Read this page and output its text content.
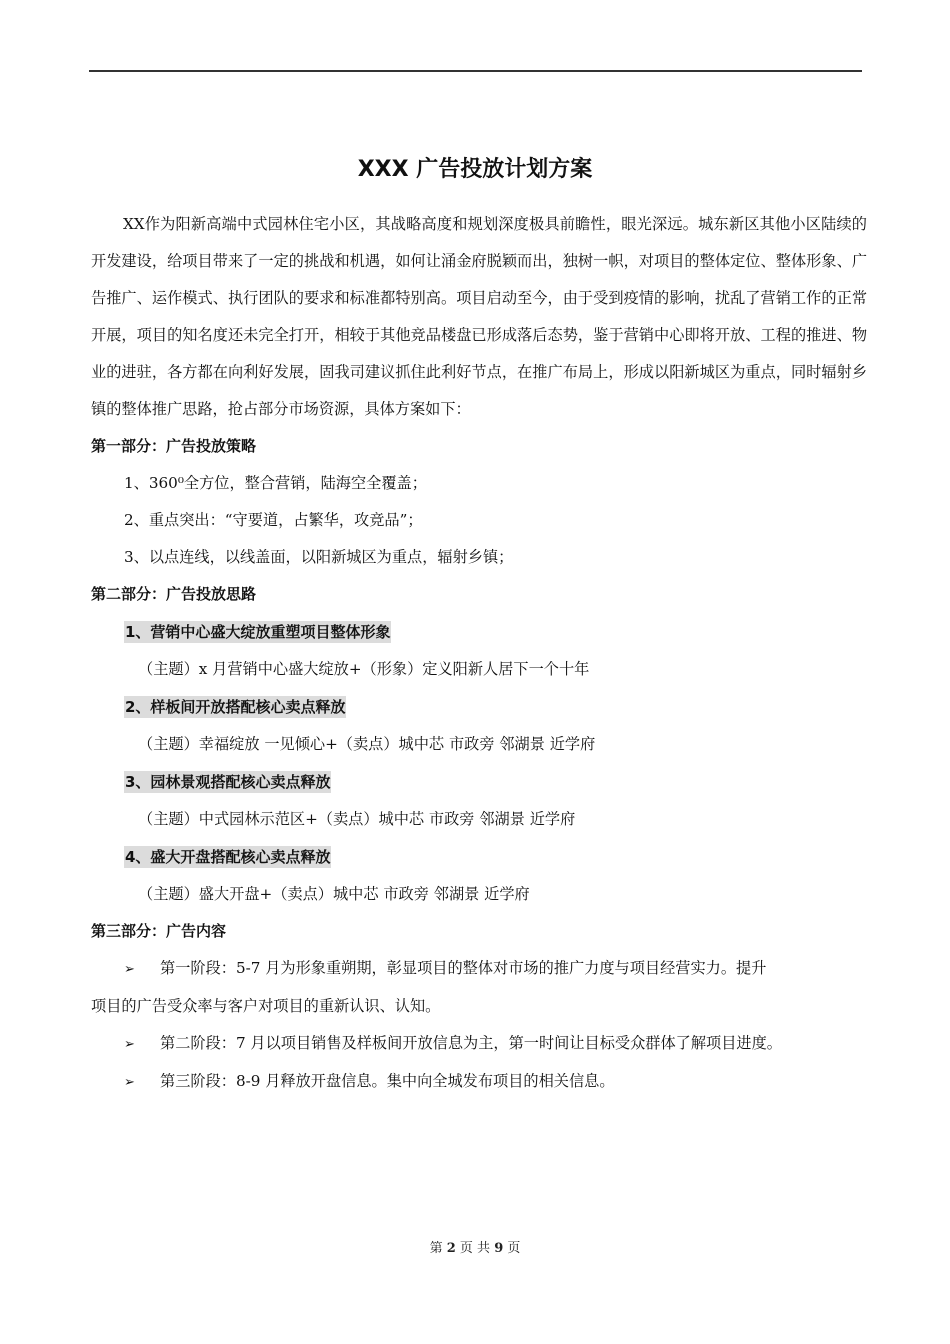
XXX 广告投放计划方案

XX作为阳新高端中式园林住宅小区，其战略高度和规划深度极具前瞻性，眼光深远。城东新区其他小区陆续的开发建设，给项目带来了一定的挑战和机遇，如何让涌金府脱颖而出，独树一帜，对项目的整体定位、整体形象、广告推广、运作模式、执行团队的要求和标准都特别高。项目启动至今，由于受到疫情的影响，扰乱了营销工作的正常开展，项目的知名度还未完全打开，相较于其他竞品楼盘已形成落后态势，鉴于营销中心即将开放、工程的推进、物业的进驻，各方都在向利好发展，固我司建议抓住此利好节点，在推广布局上，形成以阳新城区为重点，同时辐射乡镇的整体推广思路，抢占部分市场资源，具体方案如下：

第一部分：广告投放策略

1、360⁰全方位，整合营销，陆海空全覆盖；

2、重点突出：“守要道，占繁华，攻竞品”；

3、以点连线，以线盖面，以阳新城区为重点，辐射乡镇；

第二部分：广告投放思路

1、营销中心盛大绽放重塑项目整体形象

（主题）x 月营销中心盛大绽放+（形象）定义阳新人居下一个十年

2、样板间开放搭配核心卖点释放

（主题）幸福绽放 一见倾心+（卖点）城中芯 市政旁 邻湖景 近学府

3、园林景观搭配核心卖点释放

（主题）中式园林示范区+（卖点）城中芯 市政旁 邻湖景 近学府

4、盛大开盘搭配核心卖点释放

（主题）盛大开盘+（卖点）城中芯 市政旁 邻湖景 近学府

第三部分：广告内容

➢ 第一阶段：5-7 月为形象重朔期，彰显项目的整体对市场的推广力度与项目经营实力。提升
项目的广告受众率与客户对项目的重新认识、认知。

➢ 第二阶段：7 月以项目销售及样板间开放信息为主，第一时间让目标受众群体了解项目进度。

➢ 第三阶段：8-9 月释放开盘信息。集中向全城发布项目的相关信息。

第 2 页 共 9 页
